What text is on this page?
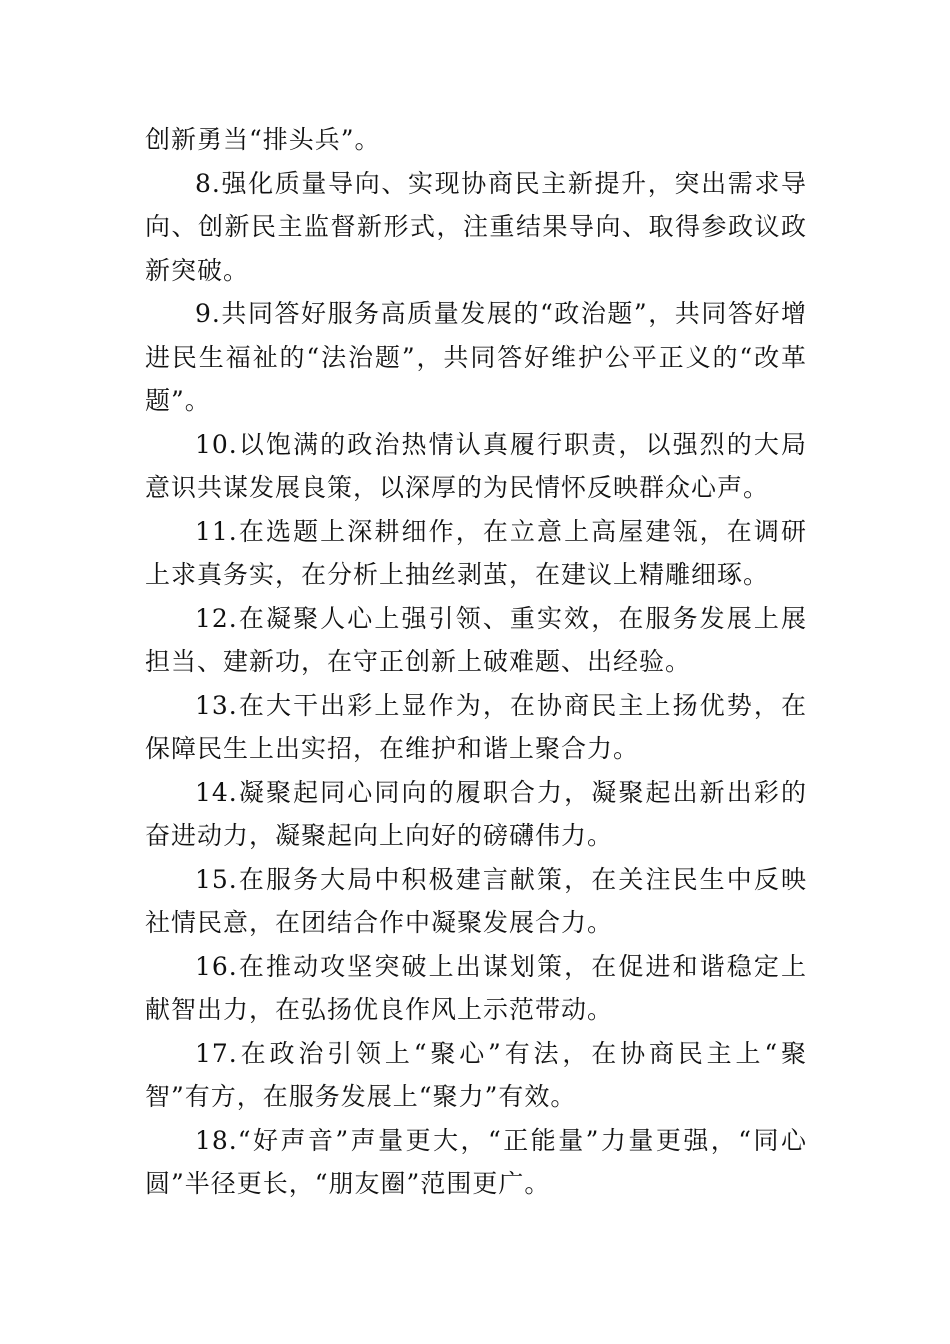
创新勇当“排头兵”。

8.强化质量导向、实现协商民主新提升，突出需求导向、创新民主监督新形式，注重结果导向、取得参政议政新突破。

9.共同答好服务高质量发展的“政治题”，共同答好增进民生福祉的“法治题”，共同答好维护公平正义的“改革题”。

10.以饱满的政治热情认真履行职责，以强烈的大局意识共谋发展良策，以深厚的为民情怀反映群众心声。

11.在选题上深耕细作，在立意上高屋建瓴，在调研上求真务实，在分析上抽丝剥茧，在建议上精雕细琢。

12.在凝聚人心上强引领、重实效，在服务发展上展担当、建新功，在守正创新上破难题、出经验。

13.在大干出彩上显作为，在协商民主上扬优势，在保障民生上出实招，在维护和谐上聚合力。

14.凝聚起同心同向的履职合力，凝聚起出新出彩的奋进动力，凝聚起向上向好的磅礴伟力。

15.在服务大局中积极建言献策，在关注民生中反映社情民意，在团结合作中凝聚发展合力。

16.在推动攻坚突破上出谋划策，在促进和谐稳定上献智出力，在弘扬优良作风上示范带动。

17.在政治引领上“聚心”有法，在协商民主上“聚智”有方，在服务发展上“聚力”有效。

18.“好声音”声量更大，“正能量”力量更强，“同心圆”半径更长，“朋友圈”范围更广。
